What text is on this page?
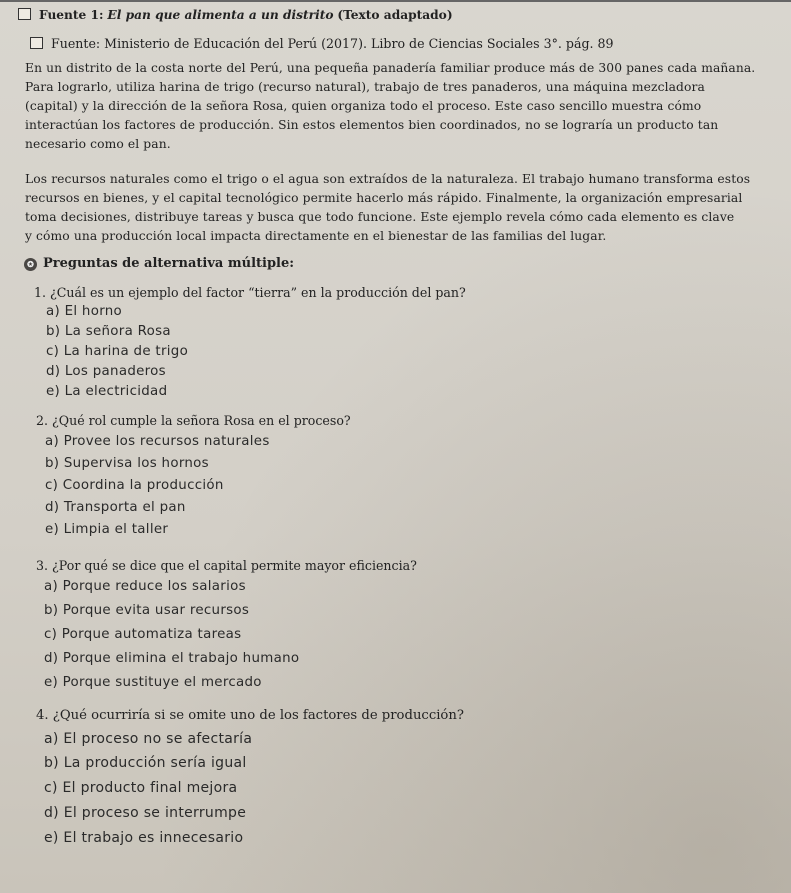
Fuente 1: El pan que alimenta a un distrito (Texto adaptado)
Fuente: Ministerio de Educación del Perú (2017). Libro de Ciencias Sociales 3°. pág. 89
En un distrito de la costa norte del Perú, una pequeña panadería familiar produce más de 300 panes cada mañana.
Para lograrlo, utiliza harina de trigo (recurso natural), trabajo de tres panaderos, una máquina mezcladora
(capital) y la dirección de la señora Rosa, quien organiza todo el proceso. Este caso sencillo muestra cómo
interactúan los factores de producción. Sin estos elementos bien coordinados, no se lograría un producto tan
necesario como el pan.
Los recursos naturales como el trigo o el agua son extraídos de la naturaleza. El trabajo humano transforma estos
recursos en bienes, y el capital tecnológico permite hacerlo más rápido. Finalmente, la organización empresarial
toma decisiones, distribuye tareas y busca que todo funcione. Este ejemplo revela cómo cada elemento es clave
y cómo una producción local impacta directamente en el bienestar de las familias del lugar.
✪ Preguntas de alternativa múltiple:
1. ¿Cuál es un ejemplo del factor “tierra” en la producción del pan?
a) El horno
b) La señora Rosa
c) La harina de trigo
d) Los panaderos
e) La electricidad
2. ¿Qué rol cumple la señora Rosa en el proceso?
a) Provee los recursos naturales
b) Supervisa los hornos
c) Coordina la producción
d) Transporta el pan
e) Limpia el taller
3. ¿Por qué se dice que el capital permite mayor eficiencia?
a) Porque reduce los salarios
b) Porque evita usar recursos
c) Porque automatiza tareas
d) Porque elimina el trabajo humano
e) Porque sustituye el mercado
4. ¿Qué ocurriría si se omite uno de los factores de producción?
a) El proceso no se afectaría
b) La producción sería igual
c) El producto final mejora
d) El proceso se interrumpe
e) El trabajo es innecesario
